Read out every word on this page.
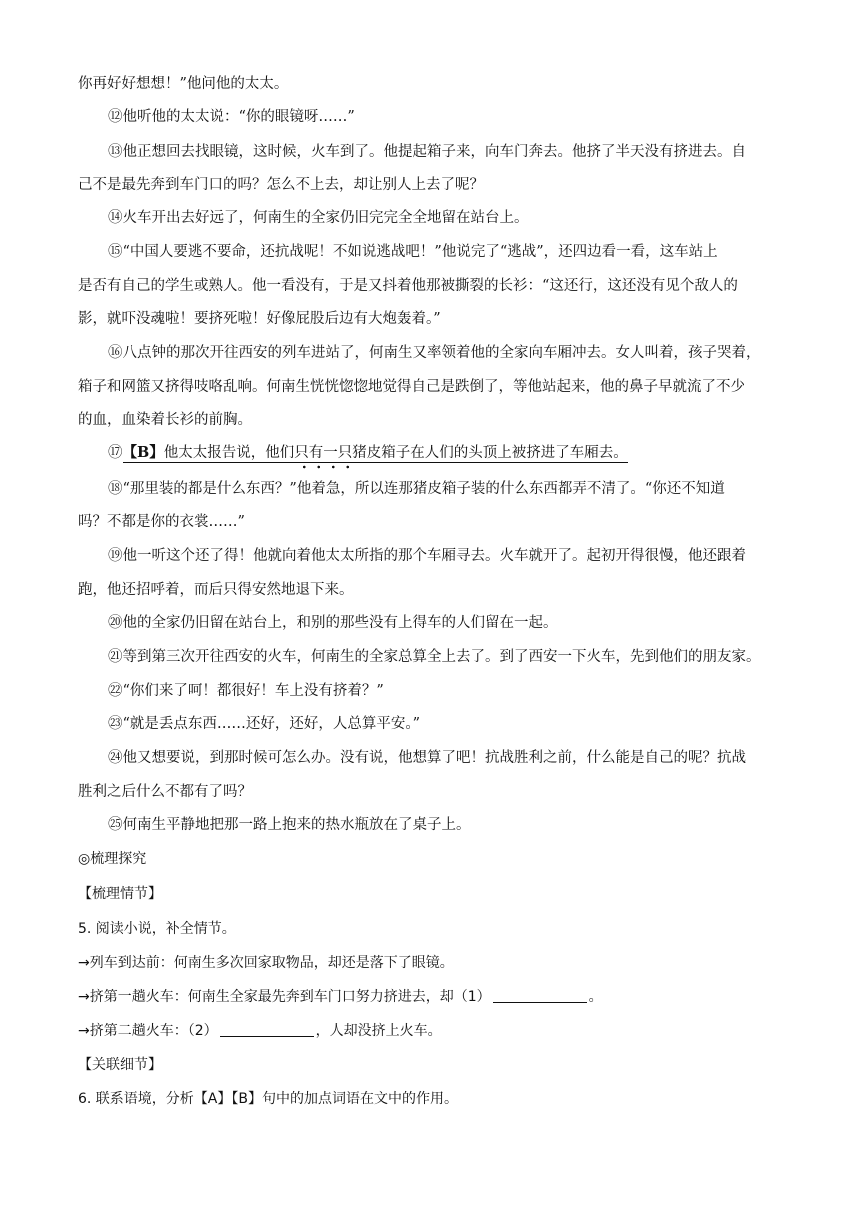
你再好好想想！”他问他的太太。
⑫他听他的太太说：“你的眼镜呀……”
⑬他正想回去找眼镜，这时候，火车到了。他提起箱子来，向车门奔去。他挤了半天没有挤进去。自
己不是最先奔到车门口的吗？怎么不上去，却让别人上去了呢？
⑭火车开出去好远了，何南生的全家仍旧完完全全地留在站台上。
⑮“中国人要逃不要命，还抗战呢！不如说逃战吧！”他说完了“逃战”，还四边看一看，这车站上
是否有自己的学生或熟人。他一看没有，于是又抖着他那被撕裂的长衫：“这还行，这还没有见个敌人的
影，就吓没魂啦！要挤死啦！好像屁股后边有大炮轰着。”
⑯八点钟的那次开往西安的列车进站了，何南生又率领着他的全家向车厢冲去。女人叫着，孩子哭着，
箱子和网篮又挤得吱咯乱响。何南生恍恍惚惚地觉得自己是跌倒了，等他站起来，他的鼻子早就流了不少
的血，血染着长衫的前胸。
⑰【B】他太太报告说，他们只有一只猪皮箱子在人们的头顶上被挤进了车厢去。
⑱“那里装的都是什么东西？”他着急，所以连那猪皮箱子装的什么东西都弄不清了。“你还不知道
吗？不都是你的衣裳……”
⑲他一听这个还了得！他就向着他太太所指的那个车厢寻去。火车就开了。起初开得很慢，他还跟着
跑，他还招呼着，而后只得安然地退下来。
⑳他的全家仍旧留在站台上，和别的那些没有上得车的人们留在一起。
㉑等到第三次开往西安的火车，何南生的全家总算全上去了。到了西安一下火车，先到他们的朋友家。
㉒“你们来了呵！都很好！车上没有挤着？”
㉓“就是丢点东西……还好，还好，人总算平安。”
㉔他又想要说，到那时候可怎么办。没有说，他想算了吧！抗战胜利之前，什么能是自己的呢？抗战
胜利之后什么不都有了吗？
㉕何南生平静地把那一路上抱来的热水瓶放在了桌子上。
◎梳理探究
【梳理情节】
5. 阅读小说，补全情节。
→列车到达前：何南生多次回家取物品，却还是落下了眼镜。
→挤第一趟火车：何南生全家最先奔到车门口努力挤进去，却（1）	。
→挤第二趟火车：（2）	，人却没挤上火车。
【关联细节】
6. 联系语境，分析【A】【B】句中的加点词语在文中的作用。
